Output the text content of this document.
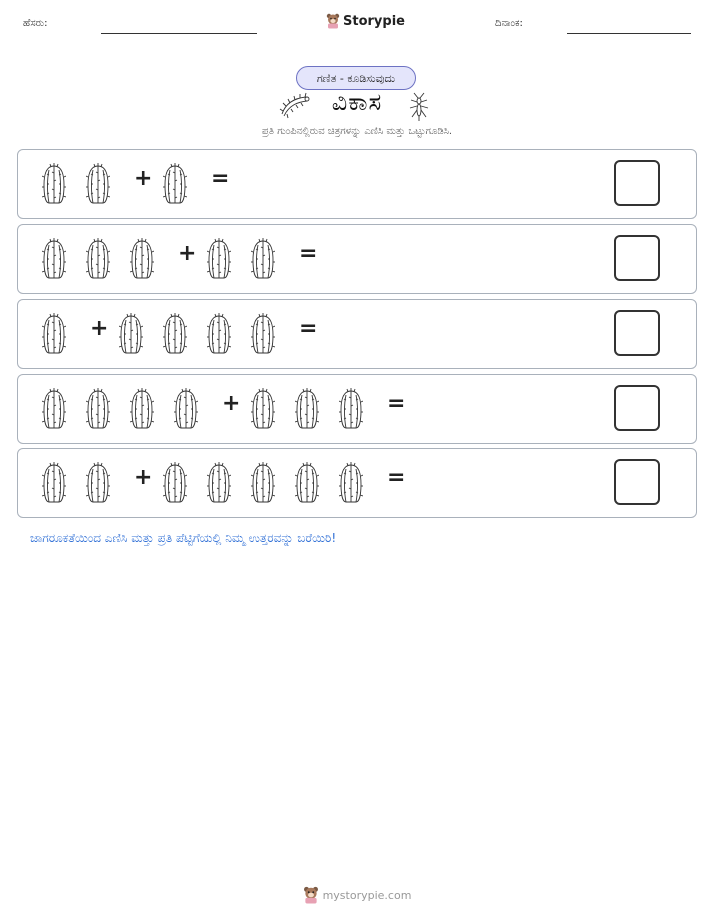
ಹೆಸರು:	Storypie	ದಿನಾಂಕ:
ಗಣಿತ - ಕೂಡಿಸುವುದು
ವಿಕಾಸ
ಪ್ರತಿ ಗುಂಪಿನಲ್ಲಿರುವ ಚಿತ್ರಗಳನ್ನು ಎಣಿಸಿ ಮತ್ತು ಒಟ್ಟುಗೂಡಿಸಿ.
+	=
+	=
+	=
+	=
+	=
ಜಾಗರೂಕತೆಯಿಂದ ಎಣಿಸಿ ಮತ್ತು ಪ್ರತಿ ಪೆಟ್ಟಿಗೆಯಲ್ಲಿ ನಿಮ್ಮ ಉತ್ತರವನ್ನು ಬರೆಯಿರಿ!
mystorypie.com
